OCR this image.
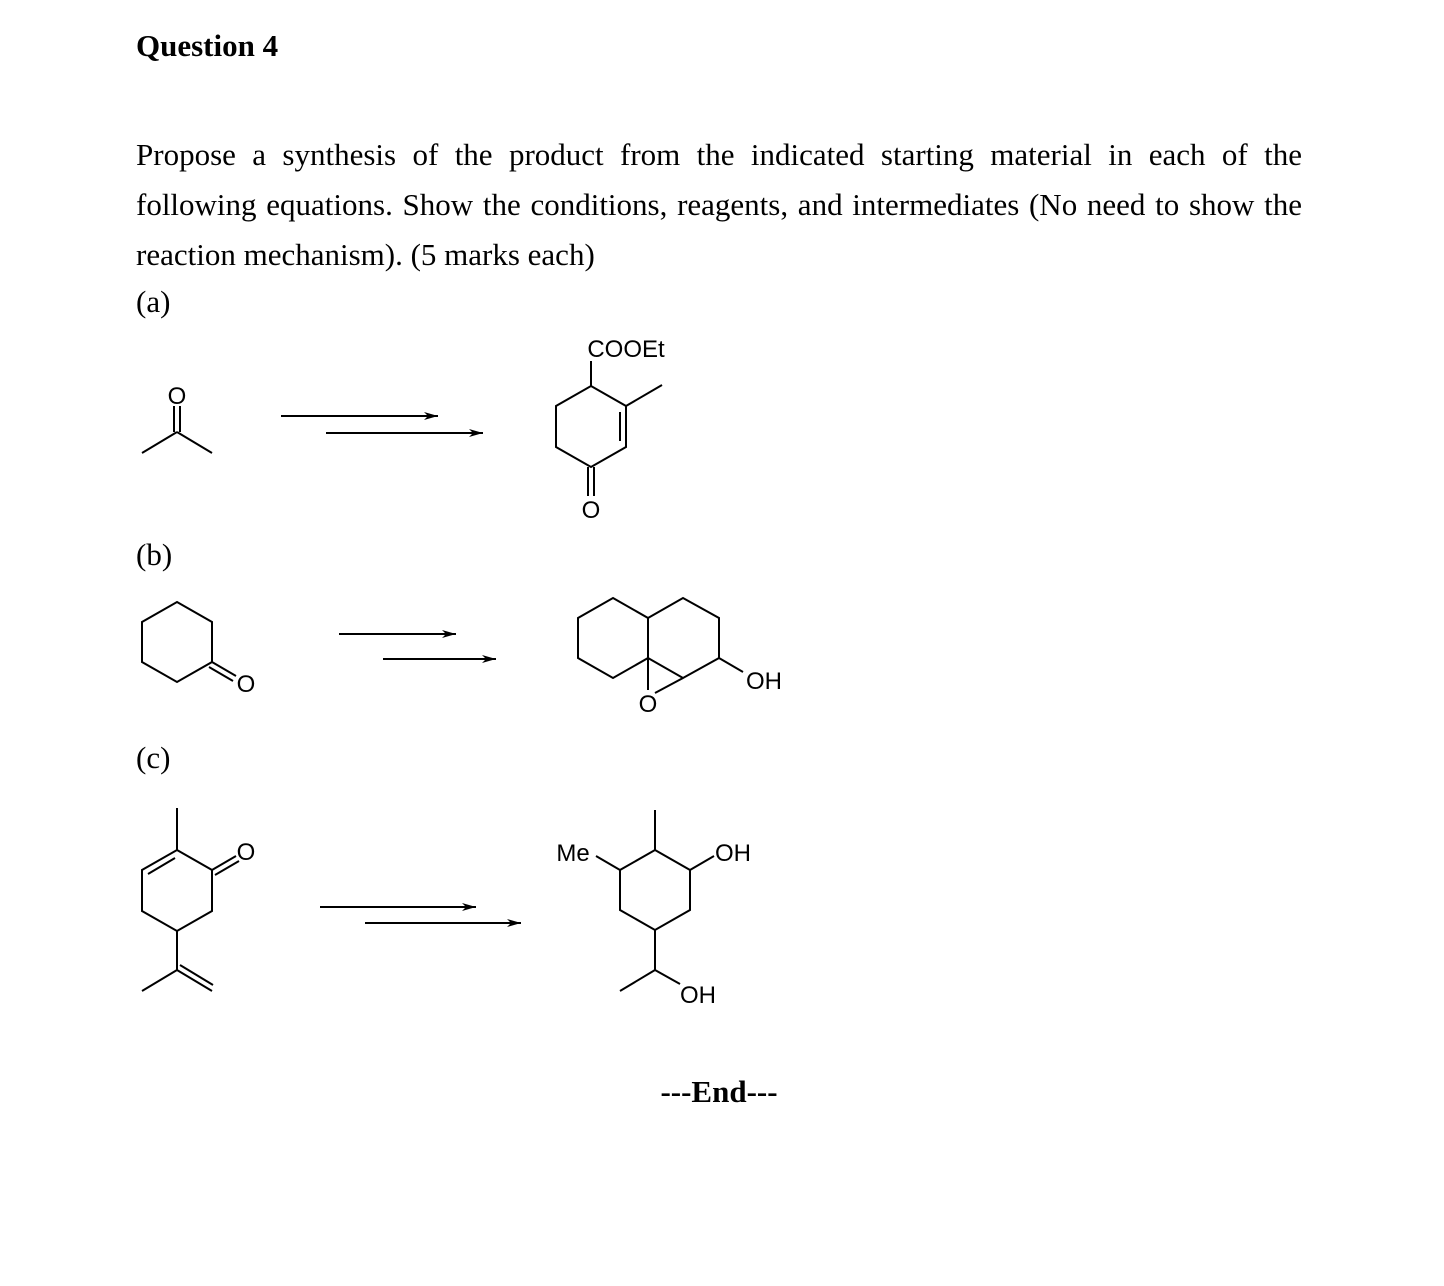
Question 4
Propose a synthesis of the product from the indicated starting material in each of the following equations. Show the conditions, reagents, and intermediates (No need to show the reaction mechanism). (5 marks each)
(a)
(b)
(c)
O
COOEt
O
O
O
OH
O	Me	OH
OH
---End---
